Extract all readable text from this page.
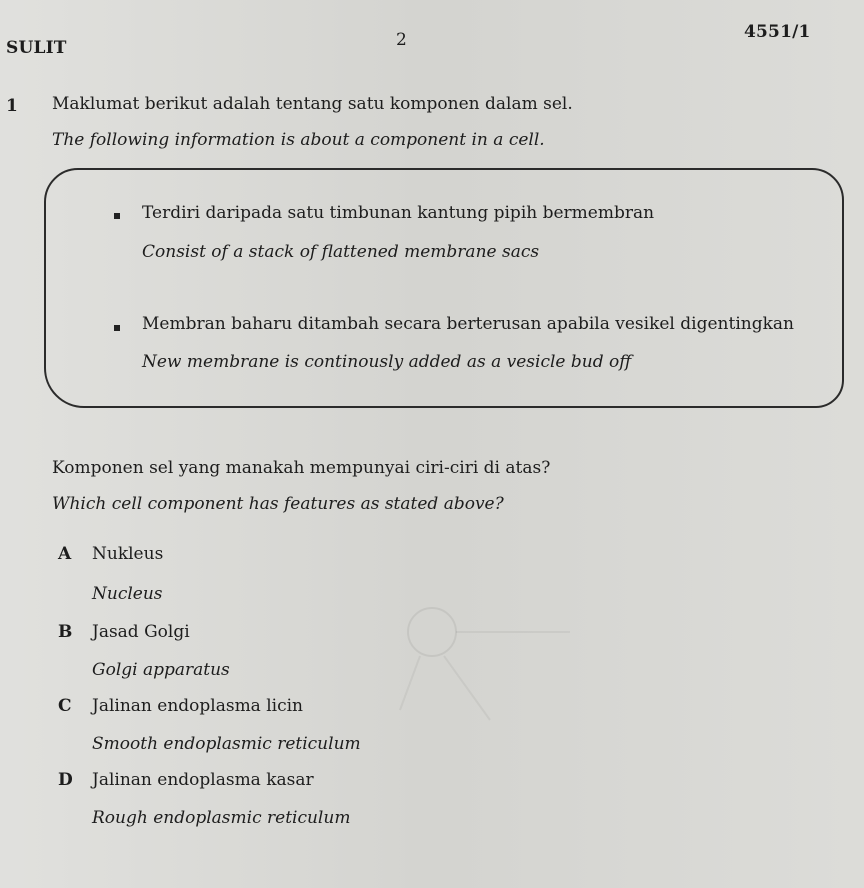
SULIT	2	4551/1
1 Maklumat berikut adalah tentang satu komponen dalam sel.
The following information is about a component in a cell.
Terdiri daripada satu timbunan kantung pipih bermembran
Consist of a stack of flattened membrane sacs
Membran baharu ditambah secara berterusan apabila vesikel digentingkan
New membrane is continously added as a vesicle bud off
Komponen sel yang manakah mempunyai ciri-ciri di atas?
Which cell component has features as stated above?
A Nukleus
Nucleus
B Jasad Golgi
Golgi apparatus
C Jalinan endoplasma licin
Smooth endoplasmic reticulum
D Jalinan endoplasma kasar
Rough endoplasmic reticulum
